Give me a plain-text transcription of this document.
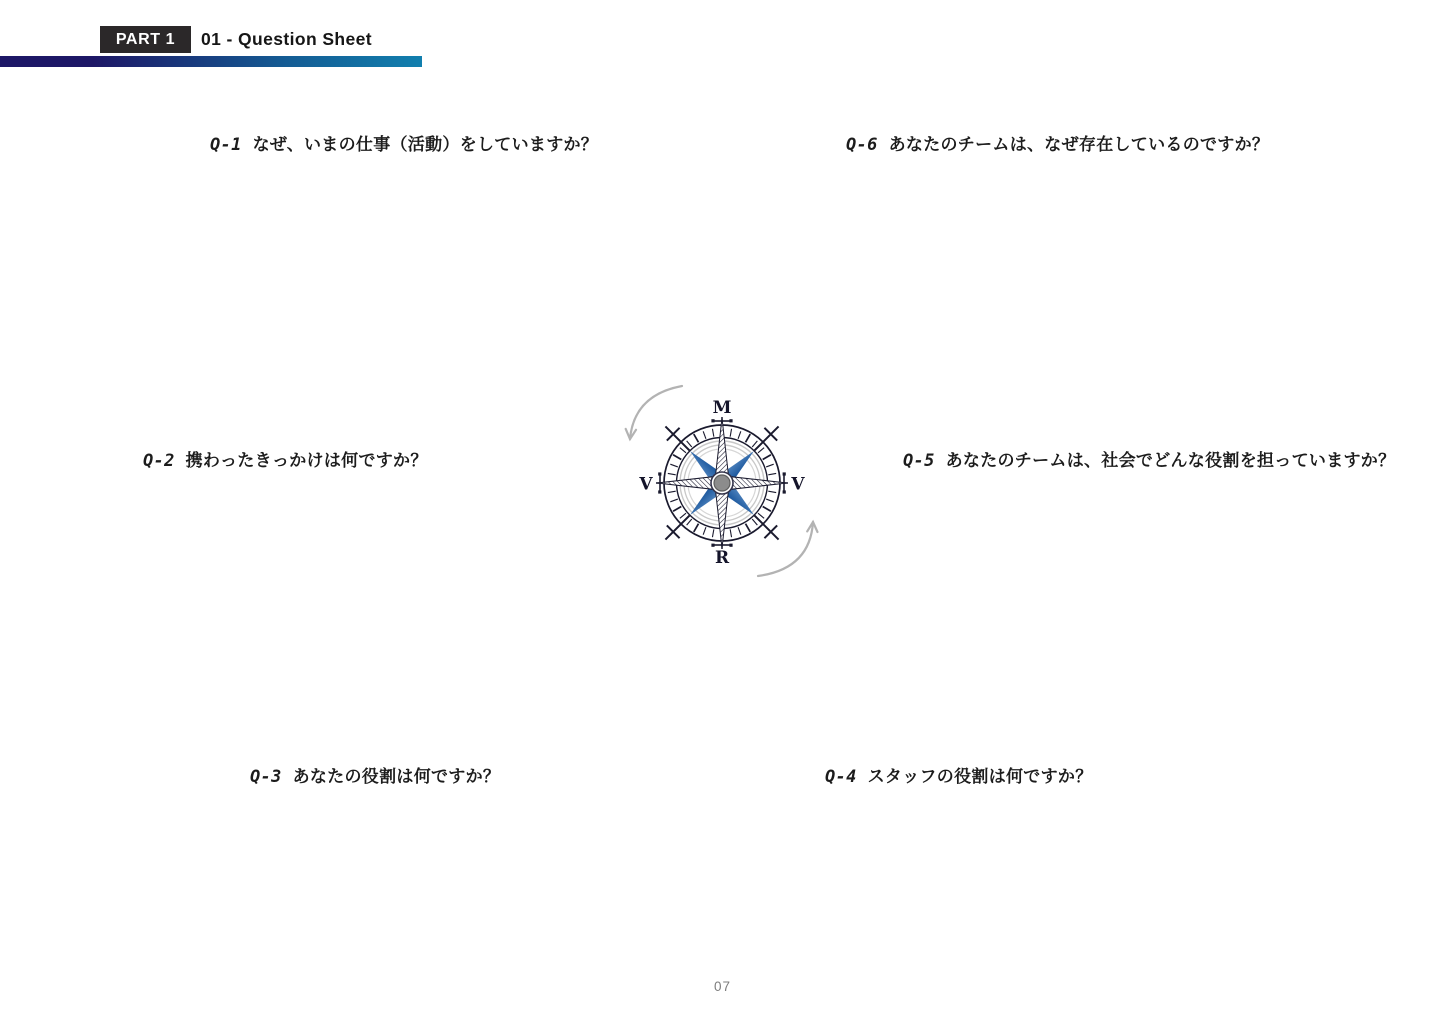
PART 1 01 - Question Sheet
Q-1 なぜ、いまの仕事（活動）をしていますか？	Q-6 あなたのチームは、なぜ存在しているのですか？
Q-2 携わったきっかけは何ですか？	Q-5 あなたのチームは、社会でどんな役割を担っていますか？
Q-3 あなたの役割は何ですか？	Q-4 スタッフの役割は何ですか？
M
V	V
R
07
